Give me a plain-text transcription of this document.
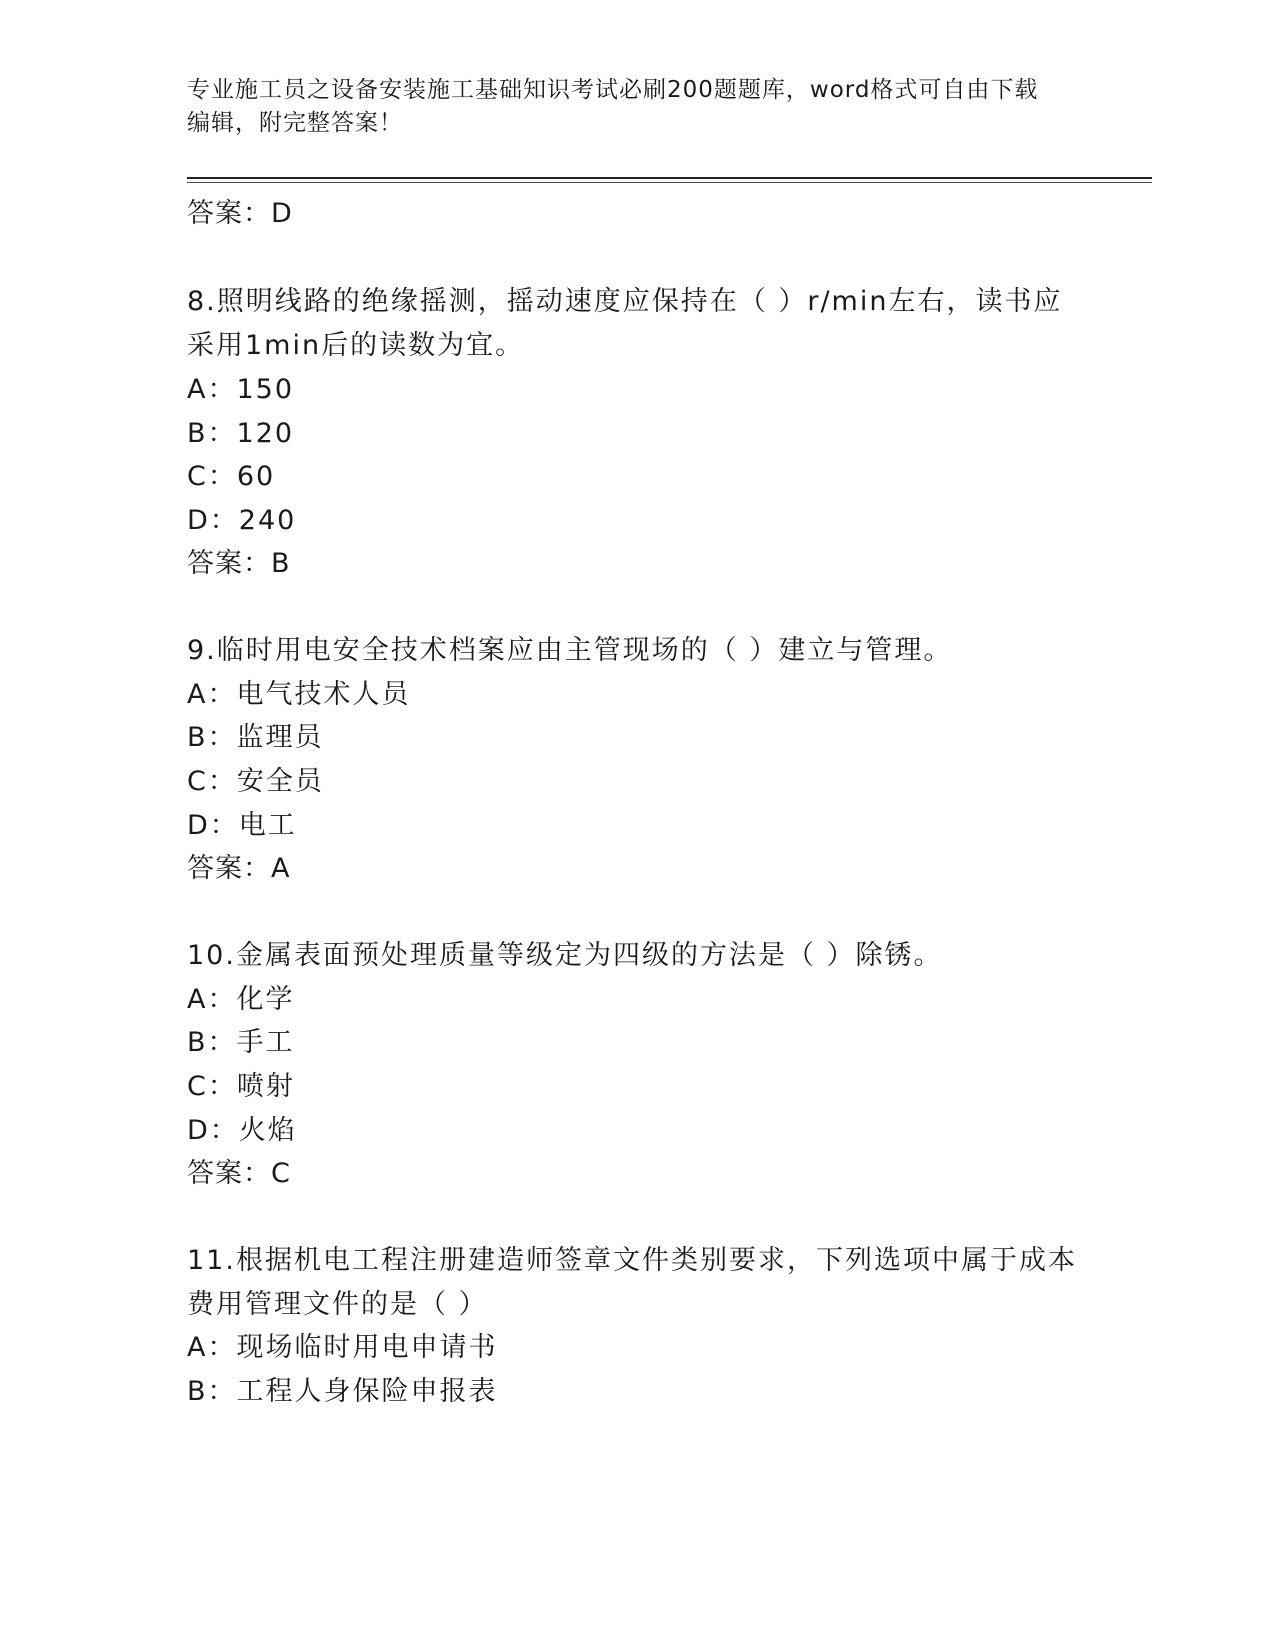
专业施工员之设备安装施工基础知识考试必刷200题题库，word格式可自由下载
编辑，附完整答案！
答案：D
8.照明线路的绝缘摇测，摇动速度应保持在（ ）r/min左右，读书应
采用1min后的读数为宜。
A：150
B：120
C：60
D：240
答案：B
9.临时用电安全技术档案应由主管现场的（ ）建立与管理。
A：电气技术人员
B：监理员
C：安全员
D：电工
答案：A
10.金属表面预处理质量等级定为四级的方法是（ ）除锈。
A：化学
B：手工
C：喷射
D：火焰
答案：C
11.根据机电工程注册建造师签章文件类别要求，下列选项中属于成本
费用管理文件的是（ ）
A：现场临时用电申请书
B：工程人身保险申报表
